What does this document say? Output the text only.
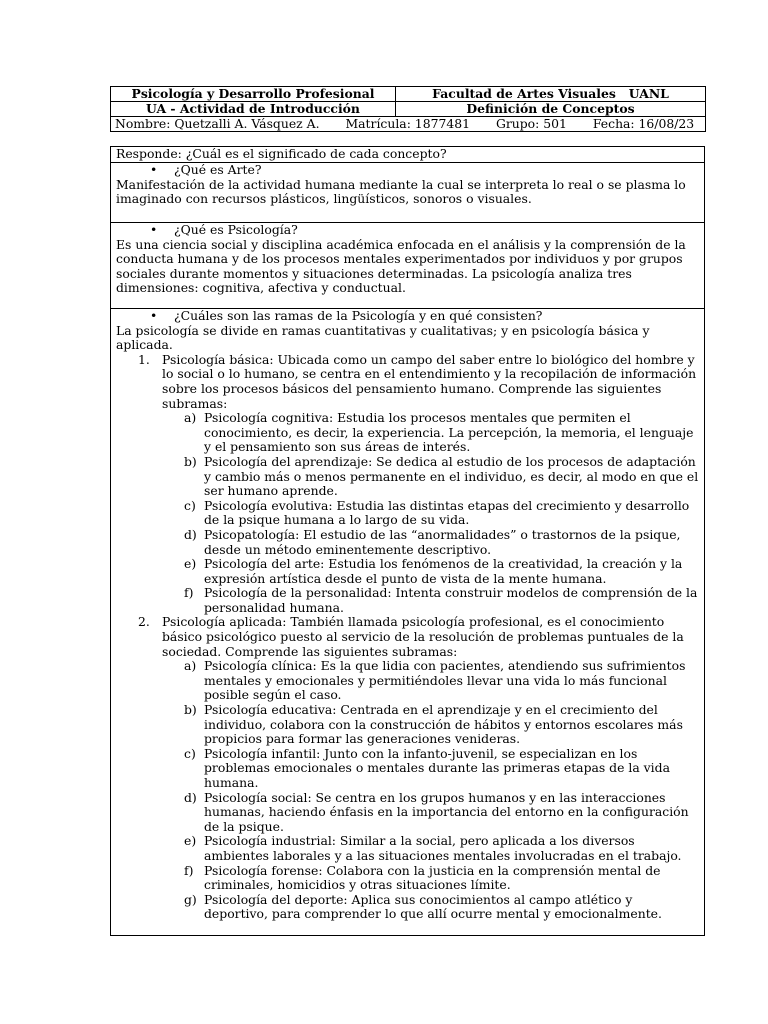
Psicología y Desarrollo Profesional	Facultad de Artes Visuales   UANL
UA - Actividad de Introducción	Definición de Conceptos
Nombre: Quetzalli A. Vásquez A. Matrícula: 1877481 Grupo: 501 Fecha: 16/08/23	
Responde: ¿Cuál es el significado de cada concepto?
• ¿Qué es Arte?
Manifestación de la actividad humana mediante la cual se interpreta lo real o se plasma lo imaginado con recursos plásticos, lingüísticos, sonoros o visuales.
• ¿Qué es Psicología?
Es una ciencia social y disciplina académica enfocada en el análisis y la comprensión de la conducta humana y de los procesos mentales experimentados por individuos y por grupos sociales durante momentos y situaciones determinadas. La psicología analiza tres dimensiones: cognitiva, afectiva y conductual.
• ¿Cuáles son las ramas de la Psicología y en qué consisten?
La psicología se divide en ramas cuantitativas y cualitativas; y en psicología básica y aplicada.
1. Psicología básica: Ubicada como un campo del saber entre lo biológico del hombre y lo social o lo humano, se centra en el entendimiento y la recopilación de información sobre los procesos básicos del pensamiento humano. Comprende las siguientes subramas:
a) Psicología cognitiva: Estudia los procesos mentales que permiten el conocimiento, es decir, la experiencia. La percepción, la memoria, el lenguaje y el pensamiento son sus áreas de interés.
b) Psicología del aprendizaje: Se dedica al estudio de los procesos de adaptación y cambio más o menos permanente en el individuo, es decir, al modo en que el ser humano aprende.
c) Psicología evolutiva: Estudia las distintas etapas del crecimiento y desarrollo de la psique humana a lo largo de su vida.
d) Psicopatología: El estudio de las “anormalidades” o trastornos de la psique, desde un método eminentemente descriptivo.
e) Psicología del arte: Estudia los fenómenos de la creatividad, la creación y la expresión artística desde el punto de vista de la mente humana.
f) Psicología de la personalidad: Intenta construir modelos de comprensión de la personalidad humana.
2. Psicología aplicada: También llamada psicología profesional, es el conocimiento básico psicológico puesto al servicio de la resolución de problemas puntuales de la sociedad. Comprende las siguientes subramas:
a) Psicología clínica: Es la que lidia con pacientes, atendiendo sus sufrimientos mentales y emocionales y permitiéndoles llevar una vida lo más funcional posible según el caso.
b) Psicología educativa: Centrada en el aprendizaje y en el crecimiento del individuo, colabora con la construcción de hábitos y entornos escolares más propicios para formar las generaciones venideras.
c) Psicología infantil: Junto con la infanto-juvenil, se especializan en los problemas emocionales o mentales durante las primeras etapas de la vida humana.
d) Psicología social: Se centra en los grupos humanos y en las interacciones humanas, haciendo énfasis en la importancia del entorno en la configuración de la psique.
e) Psicología industrial: Similar a la social, pero aplicada a los diversos ambientes laborales y a las situaciones mentales involucradas en el trabajo.
f) Psicología forense: Colabora con la justicia en la comprensión mental de criminales, homicidios y otras situaciones límite.
g) Psicología del deporte: Aplica sus conocimientos al campo atlético y deportivo, para comprender lo que allí ocurre mental y emocionalmente.
